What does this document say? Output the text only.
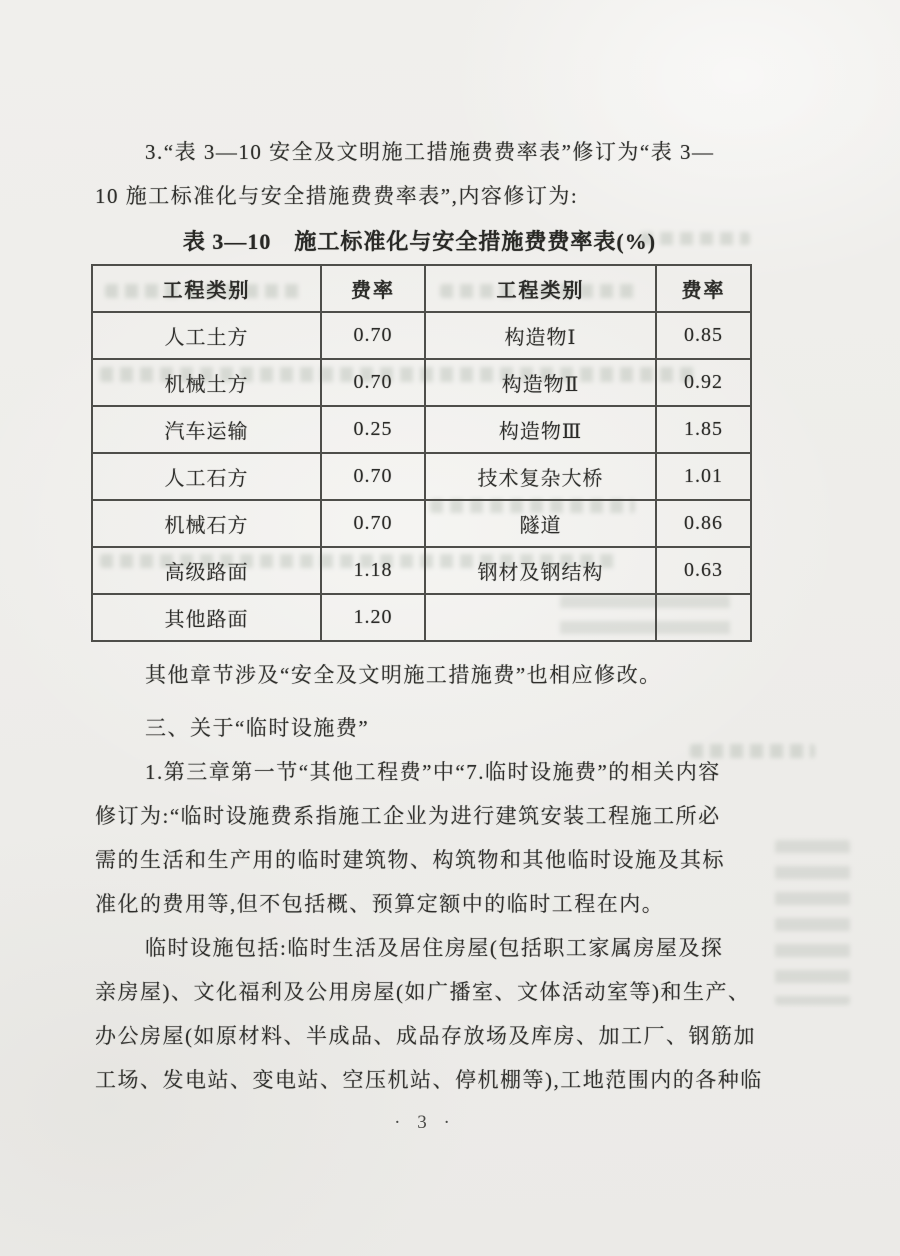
3.“表 3—10 安全及文明施工措施费费率表”修订为“表 3—
10 施工标准化与安全措施费费率表”,内容修订为:
表 3—10　施工标准化与安全措施费费率表(%)
工程类别	费率	工程类别	费率
人工土方	0.70	构造物Ⅰ	0.85
机械土方	0.70	构造物Ⅱ	0.92
汽车运输	0.25	构造物Ⅲ	1.85
人工石方	0.70	技术复杂大桥	1.01
机械石方	0.70	隧道	0.86
高级路面	1.18	钢材及钢结构	0.63
其他路面	1.20		
其他章节涉及“安全及文明施工措施费”也相应修改。
三、关于“临时设施费”
1.第三章第一节“其他工程费”中“7.临时设施费”的相关内容
修订为:“临时设施费系指施工企业为进行建筑安装工程施工所必
需的生活和生产用的临时建筑物、构筑物和其他临时设施及其标
准化的费用等,但不包括概、预算定额中的临时工程在内。
临时设施包括:临时生活及居住房屋(包括职工家属房屋及探
亲房屋)、文化福利及公用房屋(如广播室、文体活动室等)和生产、
办公房屋(如原材料、半成品、成品存放场及库房、加工厂、钢筋加
工场、发电站、变电站、空压机站、停机棚等),工地范围内的各种临
· 3 ·
